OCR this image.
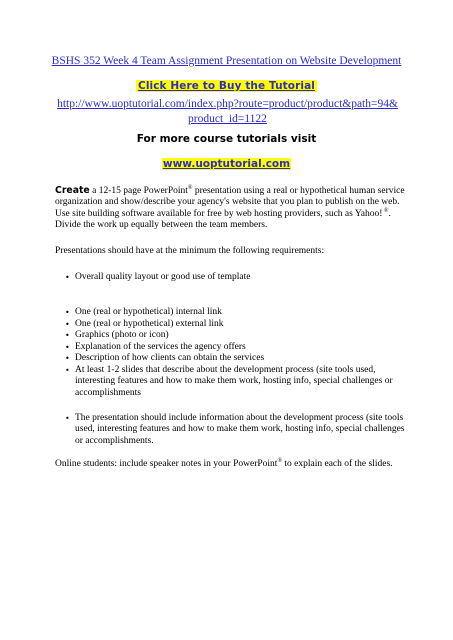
BSHS 352 Week 4 Team Assignment Presentation on Website Development
Click Here to Buy the Tutorial
http://www.uoptutorial.com/index.php?route=product/product&path=94&product_id=1122
For more course tutorials visit
www.uoptutorial.com
Create a 12-15 page PowerPoint® presentation using a real or hypothetical human service organization and show/describe your agency's website that you plan to publish on the web. Use site building software available for free by web hosting providers, such as Yahoo! ®. Divide the work up equally between the team members.
Presentations should have at the minimum the following requirements:
• Overall quality layout or good use of template
• One (real or hypothetical) internal link
• One (real or hypothetical) external link
• Graphics (photo or icon)
• Explanation of the services the agency offers
• Description of how clients can obtain the services
• At least 1-2 slides that describe about the development process (site tools used, interesting features and how to make them work, hosting info, special challenges or accomplishments
• The presentation should include information about the development process (site tools used, interesting features and how to make them work, hosting info, special challenges or accomplishments.
Online students: include speaker notes in your PowerPoint® to explain each of the slides.
